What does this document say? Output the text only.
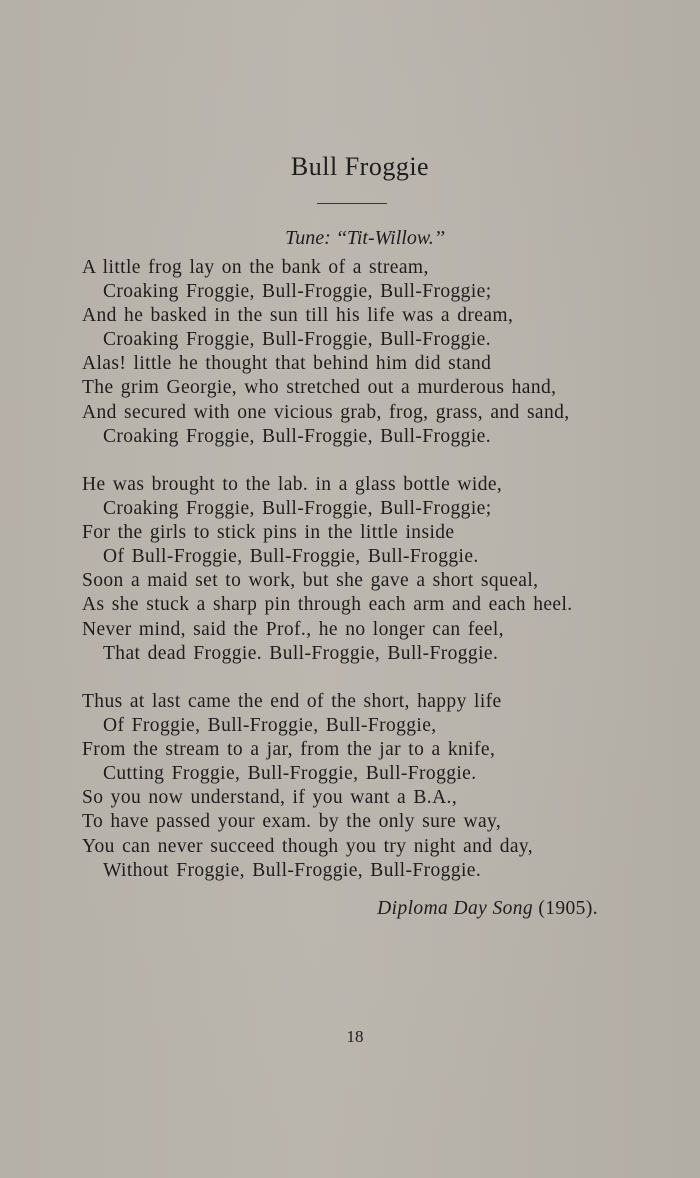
Bull Froggie
Tune: ‘‘Tit-Willow.’’
A little frog lay on the bank of a stream,
Croaking Froggie, Bull-Froggie, Bull-Froggie;
And he basked in the sun till his life was a dream,
Croaking Froggie, Bull-Froggie, Bull-Froggie.
Alas! little he thought that behind him did stand
The grim Georgie, who stretched out a murderous hand,
And secured with one vicious grab, frog, grass, and sand,
Croaking Froggie, Bull-Froggie, Bull-Froggie.
He was brought to the lab. in a glass bottle wide,
Croaking Froggie, Bull-Froggie, Bull-Froggie;
For the girls to stick pins in the little inside
Of Bull-Froggie, Bull-Froggie, Bull-Froggie.
Soon a maid set to work, but she gave a short squeal,
As she stuck a sharp pin through each arm and each heel.
Never mind, said the Prof., he no longer can feel,
That dead Froggie. Bull-Froggie, Bull-Froggie.
Thus at last came the end of the short, happy life
Of Froggie, Bull-Froggie, Bull-Froggie,
From the stream to a jar, from the jar to a knife,
Cutting Froggie, Bull-Froggie, Bull-Froggie.
So you now understand, if you want a B.A.,
To have passed your exam. by the only sure way,
You can never succeed though you try night and day,
Without Froggie, Bull-Froggie, Bull-Froggie.
Diploma Day Song (1905).
18
